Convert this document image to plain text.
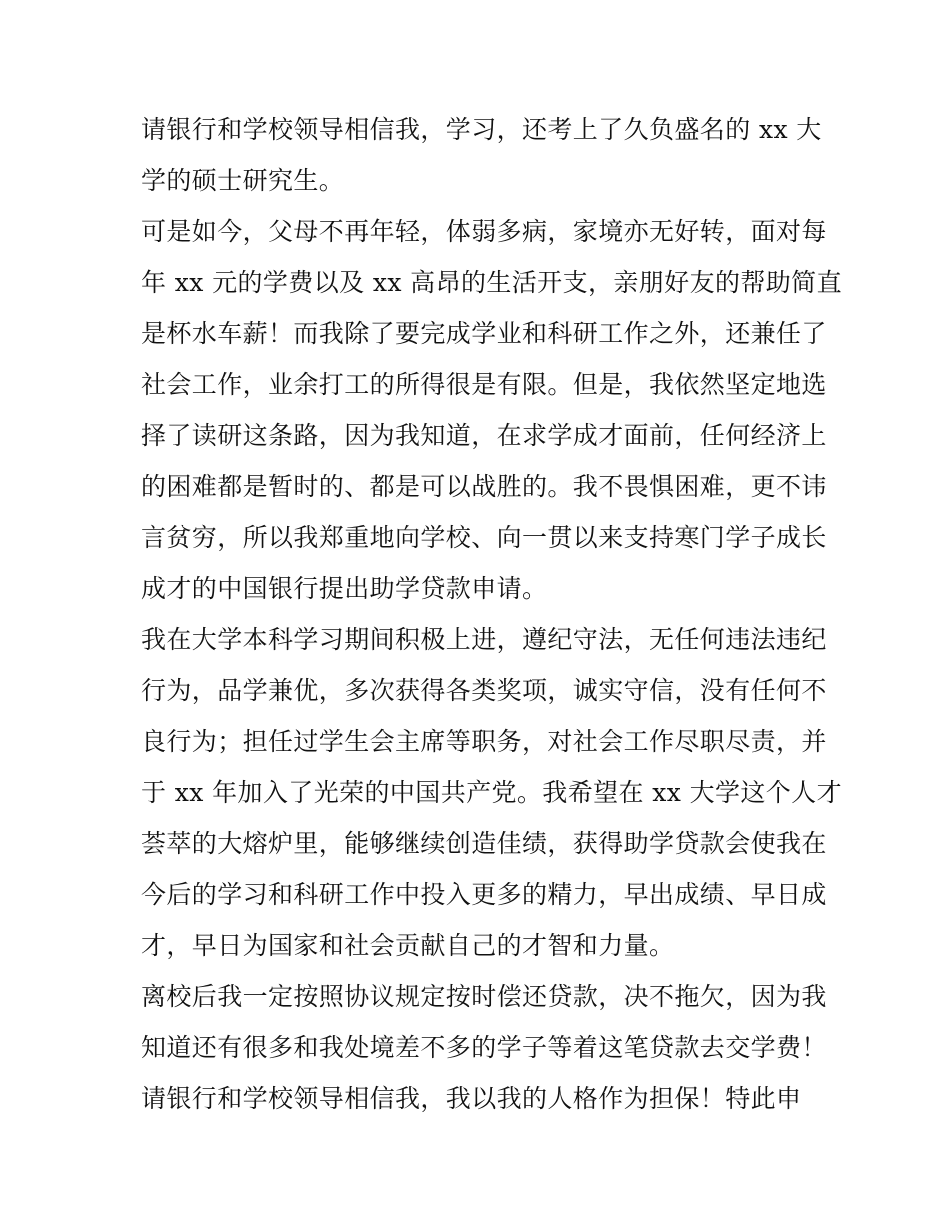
请银行和学校领导相信我，学习，还考上了久负盛名的 xx 大
学的硕士研究生。
可是如今，父母不再年轻，体弱多病，家境亦无好转，面对每
年 xx 元的学费以及 xx 高昂的生活开支，亲朋好友的帮助简直
是杯水车薪！而我除了要完成学业和科研工作之外，还兼任了
社会工作，业余打工的所得很是有限。但是，我依然坚定地选
择了读研这条路，因为我知道，在求学成才面前，任何经济上
的困难都是暂时的、都是可以战胜的。我不畏惧困难，更不讳
言贫穷，所以我郑重地向学校、向一贯以来支持寒门学子成长
成才的中国银行提出助学贷款申请。
我在大学本科学习期间积极上进，遵纪守法，无任何违法违纪
行为，品学兼优，多次获得各类奖项，诚实守信，没有任何不
良行为；担任过学生会主席等职务，对社会工作尽职尽责，并
于 xx 年加入了光荣的中国共产党。我希望在 xx 大学这个人才
荟萃的大熔炉里，能够继续创造佳绩，获得助学贷款会使我在
今后的学习和科研工作中投入更多的精力，早出成绩、早日成
才，早日为国家和社会贡献自己的才智和力量。
离校后我一定按照协议规定按时偿还贷款，决不拖欠，因为我
知道还有很多和我处境差不多的学子等着这笔贷款去交学费！
请银行和学校领导相信我，我以我的人格作为担保！特此申
